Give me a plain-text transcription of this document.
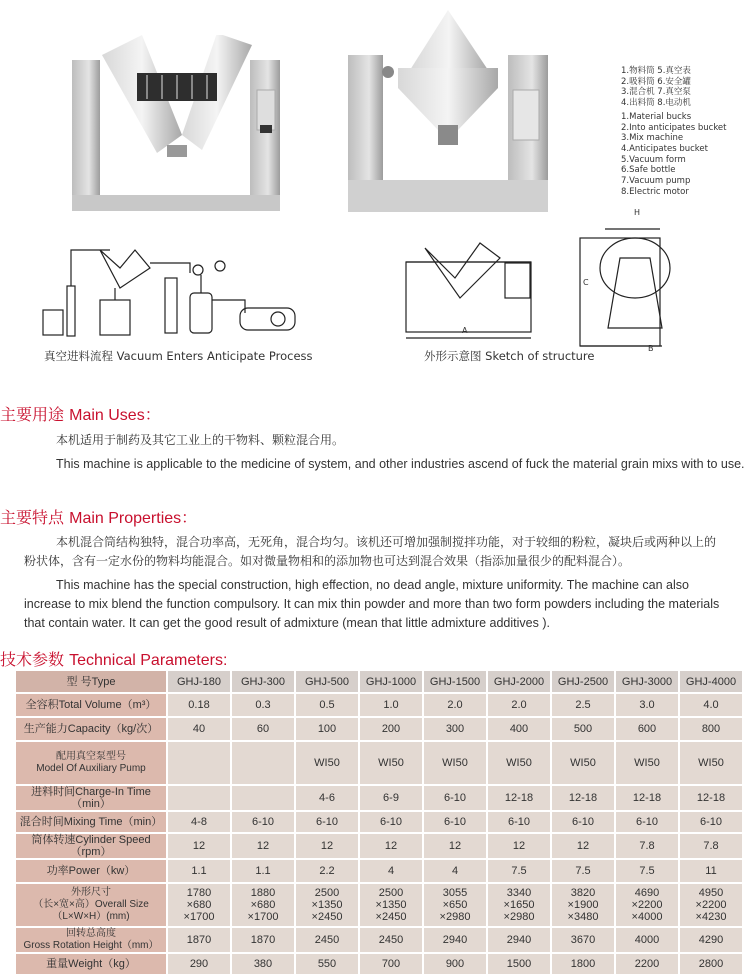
1.物料筒 5.真空表
2.吸料筒 6.安全罐
3.混合机 7.真空泵
4.出料筒 8.电动机
1.Material bucks
2.Into anticipates bucket
3.Mix machine
4.Anticipates bucket
5.Vacuum form
6.Safe bottle
7.Vacuum pump
8.Electric motor
真空进料流程 Vacuum Enters Anticipate Process
A
B
C
H
外形示意图 Sketch of structure
主要用途 Main Uses：
本机适用于制药及其它工业上的干物料、颗粒混合用。
This machine is applicable to the medicine of system, and other industries ascend of fuck the material grain mixs with to use.
主要特点 Main Properties：
本机混合筒结构独特，混合功率高，无死角，混合均匀。该机还可增加强制搅拌功能，对于较细的粉粒，凝块后或两种以上的粉状体，含有一定水份的物料均能混合。如对微量物相和的添加物也可达到混合效果（指添加量很少的配料混合）。
This machine has the special construction, high effection, no dead angle, mixture uniformity. The machine can also increase to mix blend the function compulsory. It can mix thin powder and more than two form powders including the materials that contain water. It can get the good result of admixture (mean that little admixture additives ).
技术参数 Technical Parameters:
型 号Type	GHJ-180	GHJ-300	GHJ-500	GHJ-1000	GHJ-1500	GHJ-2000	GHJ-2500	GHJ-3000	GHJ-4000
全容积Total Volume（m³）	0.18	0.3	0.5	1.0	2.0	2.0	2.5	3.0	4.0
生产能力Capacity（kg/次）	40	60	100	200	300	400	500	600	800
配用真空泵型号
Model Of Auxiliary Pump			WI50	WI50	WI50	WI50	WI50	WI50	WI50
进料时间Charge-In Time（min）			4-6	6-9	6-10	12-18	12-18	12-18	12-18
混合时间Mixing Time（min）	4-8	6-10	6-10	6-10	6-10	6-10	6-10	6-10	6-10
筒体转速Cylinder Speed（rpm）	12	12	12	12	12	12	12	7.8	7.8
功率Power（kw）	1.1	1.1	2.2	4	4	7.5	7.5	7.5	11
外形尺寸
（长×宽×高）Overall Size
（L×W×H）(mm)	1780
×680
×1700	1880
×680
×1700	2500
×1350
×2450	2500
×1350
×2450	3055
×650
×2980	3340
×1650
×2980	3820
×1900
×3480	4690
×2200
×4000	4950
×2200
×4230
回转总高度
Gross Rotation Height（mm）	1870	1870	2450	2450	2940	2940	3670	4000	4290
重量Weight（kg）	290	380	550	700	900	1500	1800	2200	2800
